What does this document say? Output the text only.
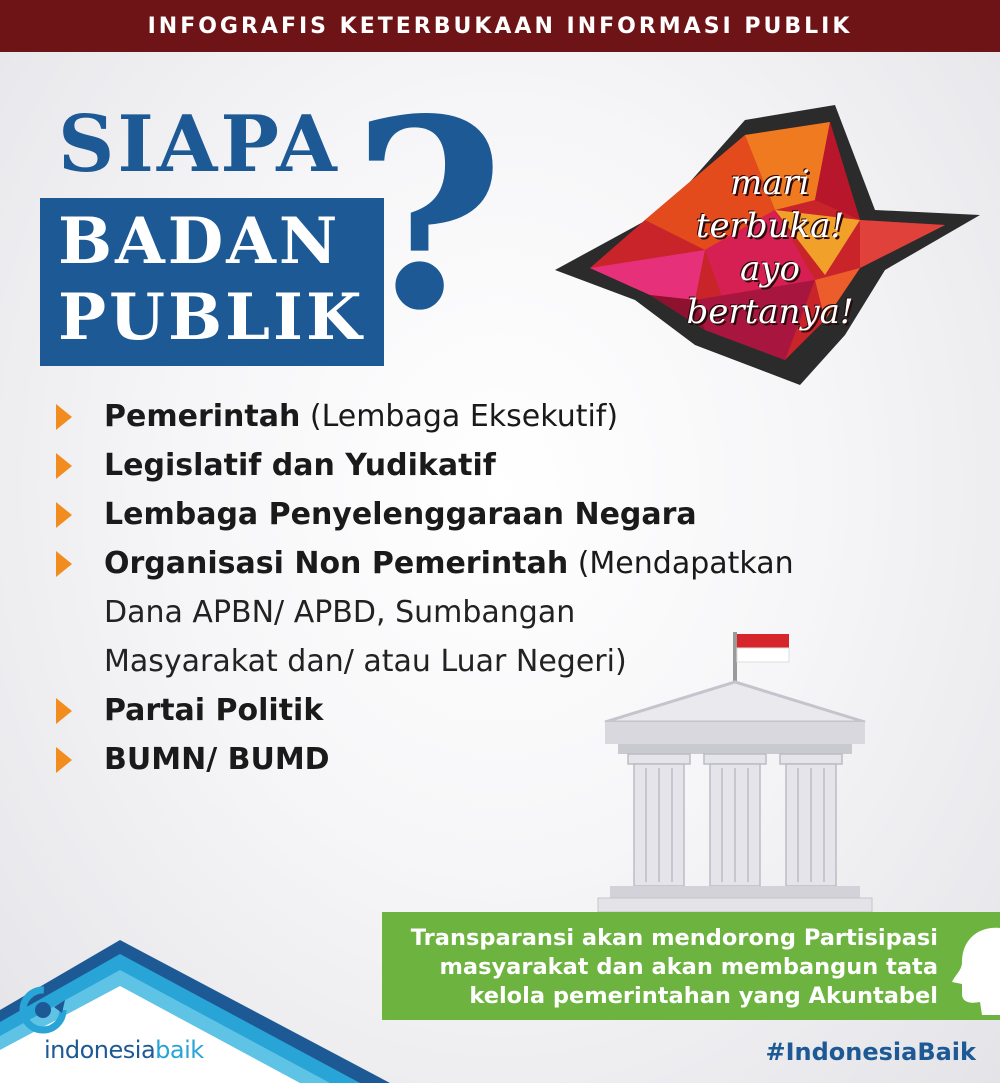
INFOGRAFIS KETERBUKAAN INFORMASI PUBLIK
SIAPA
BADAN
PUBLIK
?	mari
terbuka!
ayo
bertanya!
Pemerintah (Lembaga Eksekutif)
Legislatif dan Yudikatif
Lembaga Penyelenggaraan Negara
Organisasi Non Pemerintah (Mendapatkan
Dana APBN/ APBD, Sumbangan
Masyarakat dan/ atau Luar Negeri)
Partai Politik
BUMN/ BUMD
Transparansi akan mendorong Partisipasi
masyarakat dan akan membangun tata
kelola pemerintahan yang Akuntabel
indonesiabaik	#IndonesiaBaik
